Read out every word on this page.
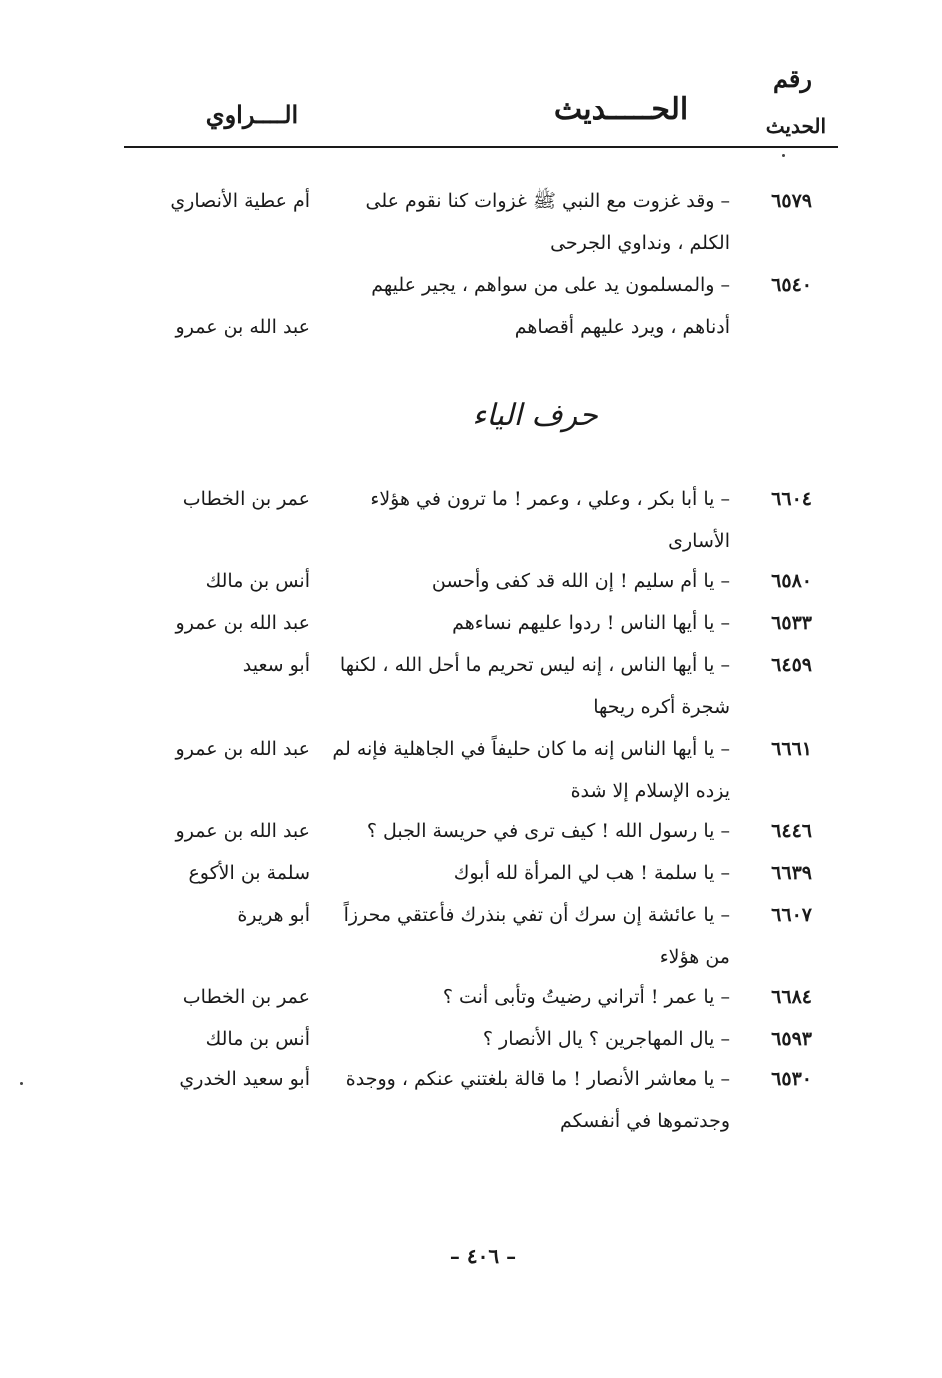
رقم
الحديث
الحـــــديث
الــــراوي
٦٥٧٩
– وقد غزوت مع النبي ﷺ غزوات كنا نقوم على
أم عطية الأنصاري
الكلم ، ونداوي الجرحى
٦٥٤٠
– والمسلمون يد على من سواهم ، يجير عليهم
أدناهم ، ويرد عليهم أقصاهم
عبد الله بن عمرو
حرف الياء
٦٦٠٤
– يا أبا بكر ، وعلي ، وعمر ! ما ترون في هؤلاء
عمر بن الخطاب
الأسارى
٦٥٨٠
– يا أم سليم ! إن الله قد كفى وأحسن
أنس بن مالك
٦٥٣٣
– يا أيها الناس ! ردوا عليهم نساءهم
عبد الله بن عمرو
٦٤٥٩
– يا أيها الناس ، إنه ليس تحريم ما أحل الله ، لكنها
أبو سعيد
شجرة أكره ريحها
٦٦٦١
– يا أيها الناس إنه ما كان حليفاً في الجاهلية فإنه لم
عبد الله بن عمرو
يزده الإسلام إلا شدة
٦٤٤٦
– يا رسول الله ! كيف ترى في حريسة الجبل ؟
عبد الله بن عمرو
٦٦٣٩
– يا سلمة ! هب لي المرأة لله أبوك
سلمة بن الأكوع
٦٦٠٧
– يا عائشة إن سرك أن تفي بنذرك فأعتقي محرزاً
أبو هريرة
من هؤلاء
٦٦٨٤
– يا عمر ! أتراني رضيتُ وتأبى أنت ؟
عمر بن الخطاب
٦٥٩٣
– يال المهاجرين ؟ يال الأنصار ؟
أنس بن مالك
٦٥٣٠
– يا معاشر الأنصار ! ما قالة بلغتني عنكم ، ووجدة
أبو سعيد الخدري
وجدتموها في أنفسكم
– ٤٠٦ –
